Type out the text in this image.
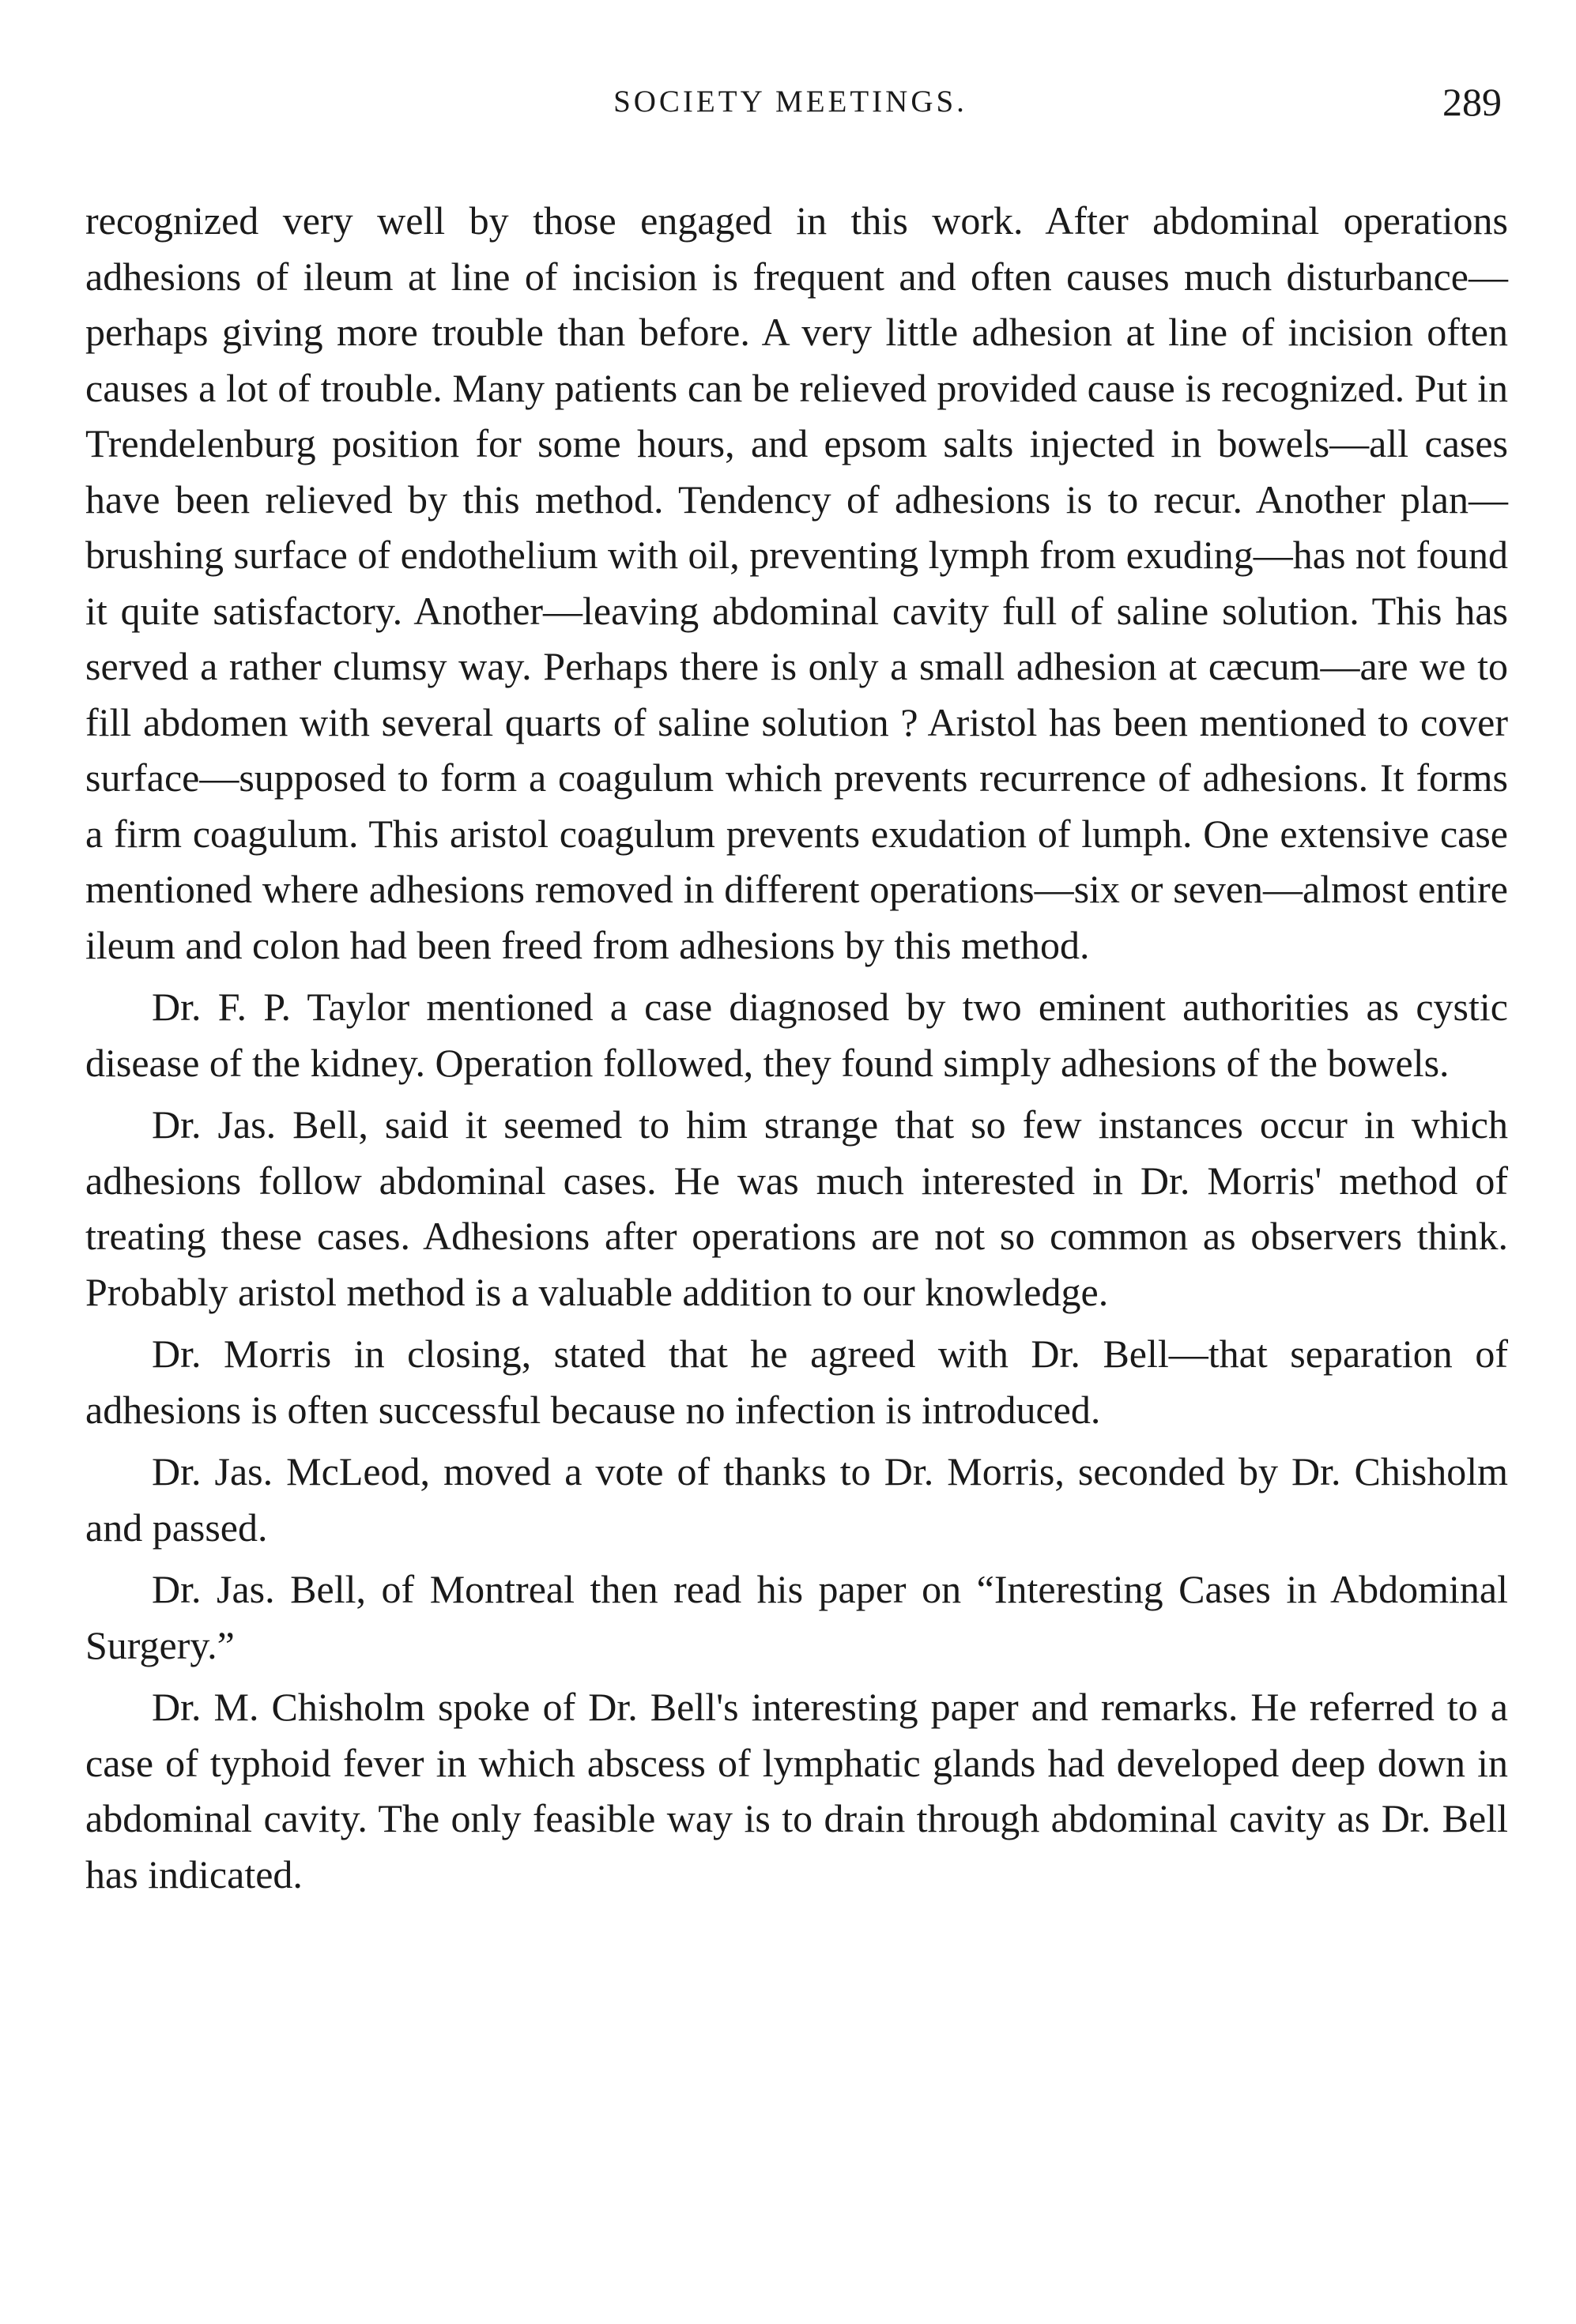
SOCIETY MEETINGS.	289

recognized very well by those engaged in this work. After abdominal operations adhesions of ileum at line of incision is frequent and often causes much disturbance—perhaps giving more trouble than before. A very little adhesion at line of incision often causes a lot of trouble. Many patients can be relieved provided cause is recognized. Put in Trendelenburg position for some hours, and epsom salts injected in bowels—all cases have been relieved by this method. Tendency of adhesions is to recur. Another plan—brushing surface of endothelium with oil, preventing lymph from exuding—has not found it quite satisfactory. Another—leaving abdominal cavity full of saline solution. This has served a rather clumsy way. Perhaps there is only a small adhesion at cæcum—are we to fill abdomen with several quarts of saline solution ? Aristol has been mentioned to cover surface—supposed to form a coagulum which prevents recurrence of adhesions. It forms a firm coagulum. This aristol coagulum prevents exudation of lumph. One extensive case mentioned where adhesions removed in different operations—six or seven—almost entire ileum and colon had been freed from adhesions by this method.

Dr. F. P. Taylor mentioned a case diagnosed by two eminent authorities as cystic disease of the kidney. Operation followed, they found simply adhesions of the bowels.

Dr. Jas. Bell, said it seemed to him strange that so few instances occur in which adhesions follow abdominal cases. He was much interested in Dr. Morris' method of treating these cases. Adhesions after operations are not so common as observers think. Probably aristol method is a valuable addition to our knowledge.

Dr. Morris in closing, stated that he agreed with Dr. Bell—that separation of adhesions is often successful because no infection is introduced.

Dr. Jas. McLeod, moved a vote of thanks to Dr. Morris, seconded by Dr. Chisholm and passed.

Dr. Jas. Bell, of Montreal then read his paper on “Interesting Cases in Abdominal Surgery.”

Dr. M. Chisholm spoke of Dr. Bell's interesting paper and remarks. He referred to a case of typhoid fever in which abscess of lymphatic glands had developed deep down in abdominal cavity. The only feasible way is to drain through abdominal cavity as Dr. Bell has indicated.
